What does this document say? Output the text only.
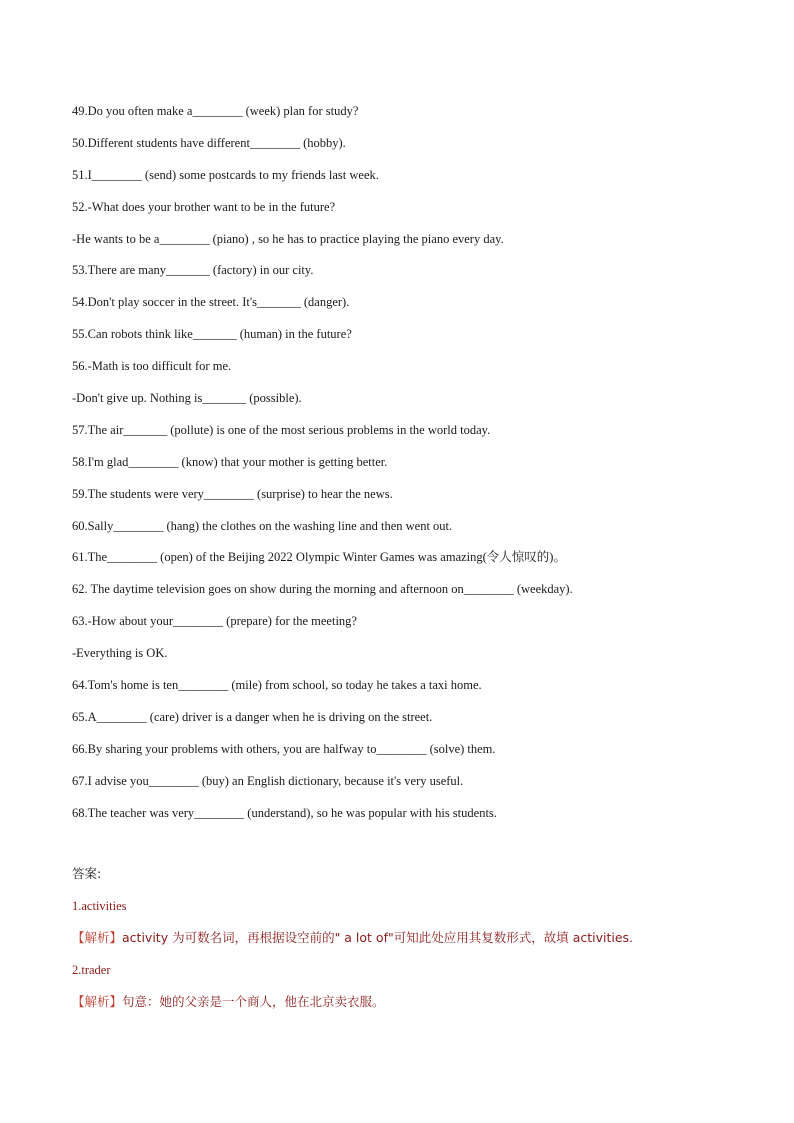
49.Do you often make a________ (week) plan for study?
50.Different students have different________ (hobby).
51.I________ (send) some postcards to my friends last week.
52.-What does your brother want to be in the future?
-He wants to be a________ (piano) , so he has to practice playing the piano every day.
53.There are many_______ (factory) in our city.
54.Don't play soccer in the street. It's_______ (danger).
55.Can robots think like_______ (human) in the future?
56.-Math is too difficult for me.
-Don't give up. Nothing is_______ (possible).
57.The air_______ (pollute) is one of the most serious problems in the world today.
58.I'm glad________ (know) that your mother is getting better.
59.The students were very________ (surprise) to hear the news.
60.Sally________ (hang) the clothes on the washing line and then went out.
61.The________ (open) of the Beijing 2022 Olympic Winter Games was amazing(令人惊叹的)。
62. The daytime television goes on show during the morning and afternoon on________ (weekday).
63.-How about your________ (prepare) for the meeting?
-Everything is OK.
64.Tom's home is ten________ (mile) from school, so today he takes a taxi home.
65.A________ (care) driver is a danger when he is driving on the street.
66.By sharing your problems with others, you are halfway to________ (solve) them.
67.I advise you________ (buy) an English dictionary, because it's very useful.
68.The teacher was very________ (understand), so he was popular with his students.
答案:
1.activities
【解析】activity 为可数名词，再根据设空前的" a lot of"可知此处应用其复数形式，故填 activities.
2.trader
【解析】句意：她的父亲是一个商人，他在北京卖衣服。
